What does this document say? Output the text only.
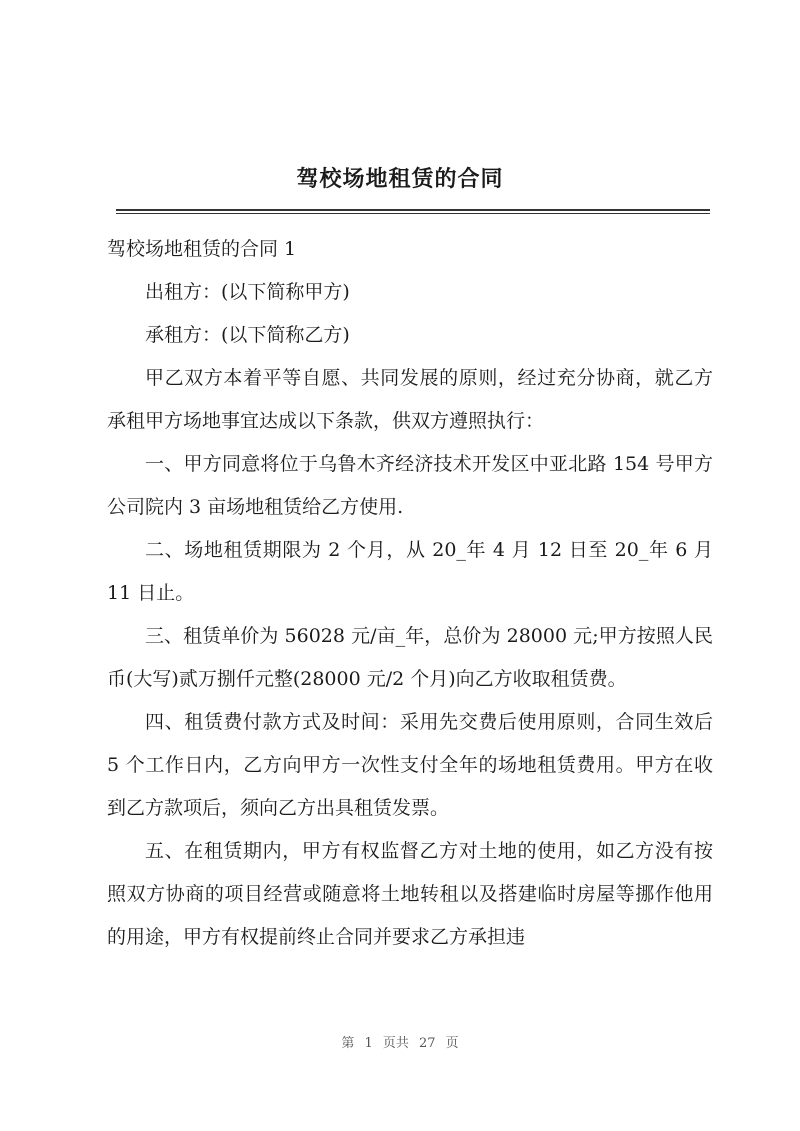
驾校场地租赁的合同

驾校场地租赁的合同 1

出租方：(以下简称甲方)

承租方：(以下简称乙方)

甲乙双方本着平等自愿、共同发展的原则，经过充分协商，就乙方承租甲方场地事宜达成以下条款，供双方遵照执行：

一、甲方同意将位于乌鲁木齐经济技术开发区中亚北路 154 号甲方公司院内 3 亩场地租赁给乙方使用.

二、场地租赁期限为 2 个月，从 20_年 4 月 12 日至 20_年 6 月 11 日止。

三、租赁单价为 56028 元/亩_年，总价为 28000 元;甲方按照人民币(大写)贰万捌仟元整(28000 元/2 个月)向乙方收取租赁费。

四、租赁费付款方式及时间：采用先交费后使用原则，合同生效后 5 个工作日内，乙方向甲方一次性支付全年的场地租赁费用。甲方在收到乙方款项后，须向乙方出具租赁发票。

五、在租赁期内，甲方有权监督乙方对土地的使用，如乙方没有按照双方协商的项目经营或随意将土地转租以及搭建临时房屋等挪作他用的用途，甲方有权提前终止合同并要求乙方承担违

第 1 页共 27 页
